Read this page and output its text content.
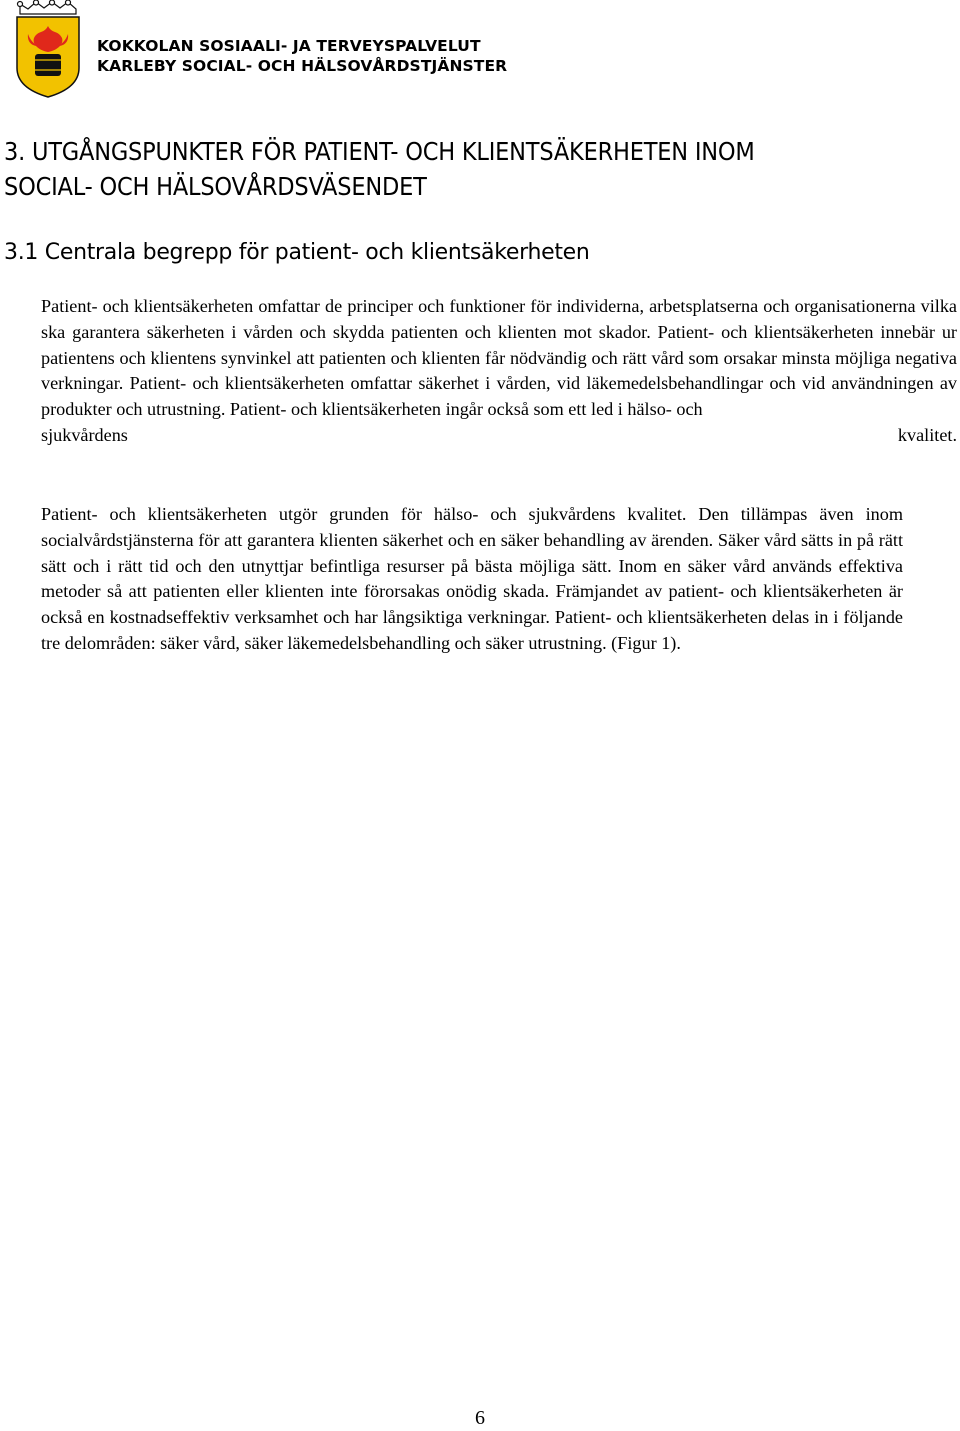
KOKKOLAN SOSIAALI- JA TERVEYSPALVELUT
KARLEBY SOCIAL- OCH HÄLSOVÅRDSTJÄNSTER
3. UTGÅNGSPUNKTER FÖR PATIENT- OCH KLIENTSÄKERHETEN INOM
SOCIAL- OCH HÄLSOVÅRDSVÄSENDET
3.1 Centrala begrepp för patient- och klientsäkerheten
Patient- och klientsäkerheten omfattar de principer och funktioner för individerna, arbetsplatserna och organisationerna vilka ska garantera säkerheten i vården och skydda patienten och klienten mot skador. Patient- och klientsäkerheten innebär ur patientens och klientens synvinkel att patienten och klienten får nödvändig och rätt vård som orsakar minsta möjliga negativa verkningar. Patient- och klientsäkerheten omfattar säkerhet i vården, vid läkemedelsbehandlingar och vid användningen av produkter och utrustning. Patient- och klientsäkerheten ingår också som ett led i hälso- och
sjukvårdens	kvalitet.

Patient- och klientsäkerheten utgör grunden för hälso- och sjukvårdens kvalitet. Den tillämpas även inom socialvårdstjänsterna för att garantera klienten säkerhet och en säker behandling av ärenden. Säker vård sätts in på rätt sätt och i rätt tid och den utnyttjar befintliga resurser på bästa möjliga sätt. Inom en säker vård används effektiva metoder så att patienten eller klienten inte förorsakas onödig skada. Främjandet av patient- och klientsäkerheten är också en kostnadseffektiv verksamhet och har långsiktiga verkningar. Patient- och klientsäkerheten delas in i följande tre delområden: säker vård, säker läkemedelsbehandling och säker utrustning. (Figur 1).

6
